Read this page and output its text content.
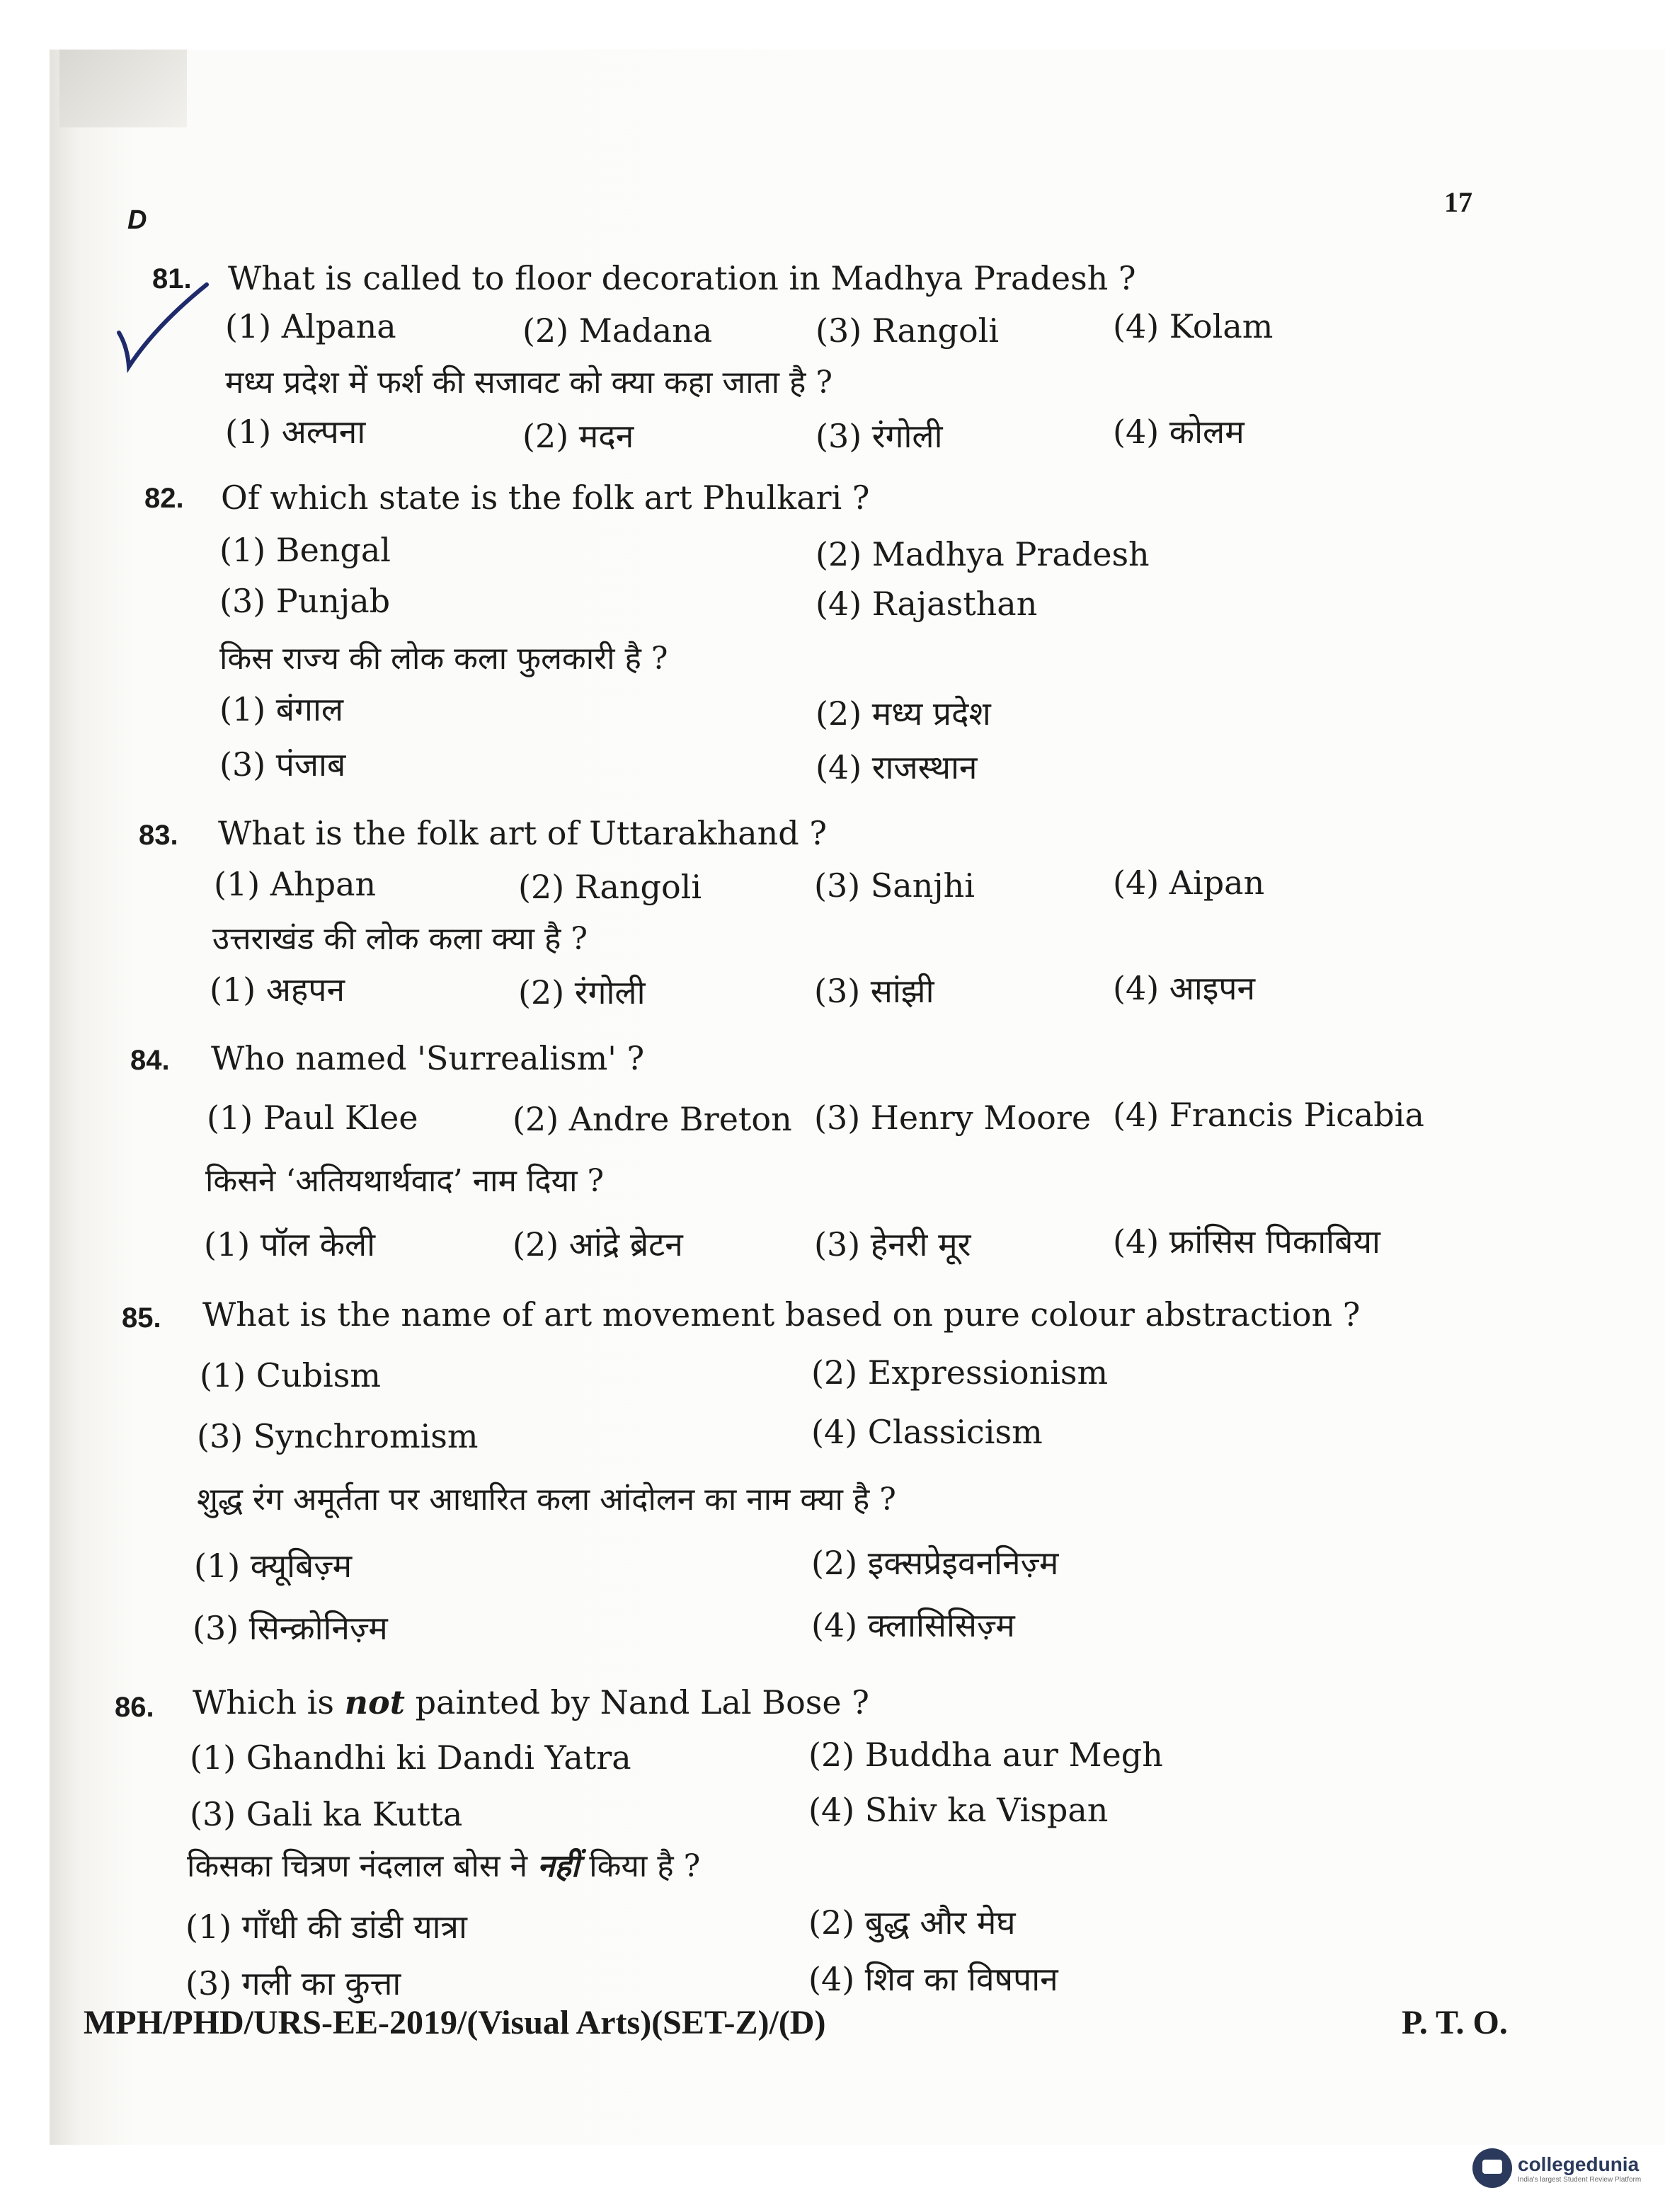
D
17
81. What is called to floor decoration in Madhya Pradesh ?
(1) Alpana	(2) Madana	(3) Rangoli	(4) Kolam
मध्य प्रदेश में फर्श की सजावट को क्या कहा जाता है ?
(1) अल्पना	(2) मदन	(3) रंगोली	(4) कोलम
82. Of which state is the folk art Phulkari ?
(1) Bengal	(2) Madhya Pradesh
(3) Punjab	(4) Rajasthan
किस राज्य की लोक कला फुलकारी है ?
(1) बंगाल	(2) मध्य प्रदेश
(3) पंजाब	(4) राजस्थान
83. What is the folk art of Uttarakhand ?
(1) Ahpan	(2) Rangoli	(3) Sanjhi	(4) Aipan
उत्तराखंड की लोक कला क्या है ?
(1) अहपन	(2) रंगोली	(3) सांझी	(4) आइपन
84. Who named 'Surrealism' ?
(1) Paul Klee	(2) Andre Breton (3) Henry Moore (4) Francis Picabia
किसने ‘अतियथार्थवाद’ नाम दिया ?
(1) पॉल केली	(2) आंद्रे ब्रेटन	(3) हेनरी मूर	(4) फ्रांसिस पिकाबिया
85. What is the name of art movement based on pure colour abstraction ?
(1) Cubism	(2) Expressionism
(3) Synchromism	(4) Classicism
शुद्ध रंग अमूर्तता पर आधारित कला आंदोलन का नाम क्या है ?
(1) क्यूबिज़्म	(2) इक्सप्रेइवननिज़्म
(3) सिन्क्रोनिज़्म	(4) क्लासिसिज़्म
86. Which is not painted by Nand Lal Bose ?
(1) Ghandhi ki Dandi Yatra	(2) Buddha aur Megh
(3) Gali ka Kutta	(4) Shiv ka Vispan
किसका चित्रण नंदलाल बोस ने नहीं किया है ?
(1) गाँधी की डांडी यात्रा	(2) बुद्ध और मेघ
(3) गली का कुत्ता	(4) शिव का विषपान
MPH/PHD/URS-EE-2019/(Visual Arts)(SET-Z)/(D)	P. T. O.
collegedunia
India's largest Student Review Platform
